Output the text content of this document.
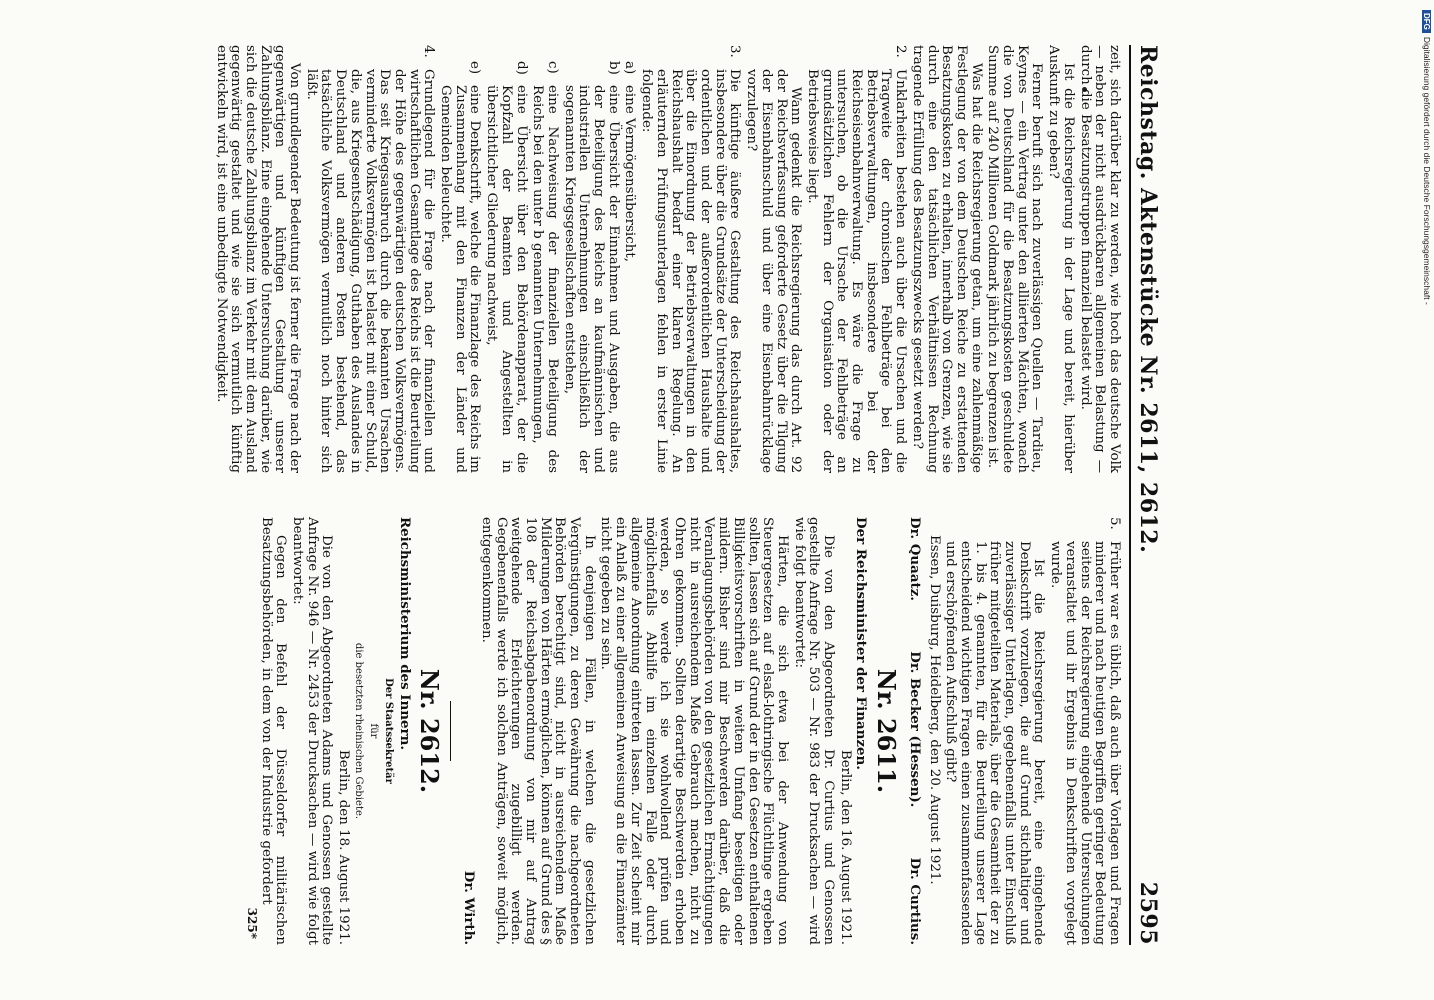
Reichstag. Aktenstücke Nr. 2611, 2612.
2595

zeit, sich darüber klar zu werden, wie hoch das deutsche Volk — neben der nicht ausdrückbaren allgemeinen Belastung — durch die Besatzungstruppen finanziell belastet wird.

Ist die Reichsregierung in der Lage und bereit, hierüber Auskunft zu geben?

Ferner beruft sich nach zuverlässigen Quellen — Tardieu, Keynes — ein Vertrag unter den alliierten Mächten, wonach die von Deutschland für die Besatzungskosten geschuldete Summe auf 240 Millionen Goldmark jährlich zu begrenzen ist.

Was hat die Reichsregierung getan, um eine zahlenmäßige Festlegung der von dem Deutschen Reiche zu erstattenden Besatzungskosten zu erhalten, innerhalb von Grenzen, wie sie durch eine den tatsächlichen Verhältnissen Rechnung tragende Erfüllung des Besatzungszwecks gesetzt werden?

2.

Unklarheiten bestehen auch über die Ursachen und die Tragweite der chronischen Fehlbeträge bei den Betriebsverwaltungen, insbesondere bei der Reichseisenbahnverwaltung. Es wäre die Frage zu untersuchen, ob die Ursache der Fehlbeträge an grundsätzlichen Fehlern der Organisation oder der Betriebsweise liegt.

Wann gedenkt die Reichsregierung das durch Art. 92 der Reichsverfassung geforderte Gesetz über die Tilgung der Eisenbahnschuld und über eine Eisenbahnrücklage vorzulegen?

3.

Die künftige äußere Gestaltung des Reichshaushaltes, insbesondere über die Grundsätze der Unterscheidung der ordentlichen und der außerordentlichen Haushalte und über die Einordnung der Betriebsverwaltungen in den Reichshaushalt bedarf einer klaren Regelung. An erläuternden Prüfungsunterlagen fehlen in erster Linie folgende:

a)

eine Vermögensübersicht,

b)

eine Übersicht der Einnahmen und Ausgaben, die aus der Beteiligung des Reichs an kaufmännischen und industriellen Unternehmungen einschließlich der sogenannten Kriegsgesellschaften entstehen,

c)

eine Nachweisung der finanziellen Beteiligung des Reichs bei den unter b genannten Unternehmungen,

d)

eine Übersicht über den Behördenapparat, der die Kopfzahl der Beamten und Angestellten in übersichtlicher Gliederung nachweist,

e)

eine Denkschrift, welche die Finanzlage des Reichs im Zusammenhang mit den Finanzen der Länder und Gemeinden beleuchtet.

4.

Grundlegend für die Frage nach der finanziellen und wirtschaftlichen Gesamtlage des Reichs ist die Beurteilung der Höhe des gegenwärtigen deutschen Volksvermögens. Das seit Kriegsausbruch durch die bekannten Ursachen verminderte Volksvermögen ist belastet mit einer Schuld, die, aus Kriegsentschädigung, Guthaben des Auslandes in Deutschland und anderen Posten bestehend, das tatsächliche Volksvermögen vermutlich noch hinter sich läßt.

Von grundlegender Bedeutung ist ferner die Frage nach der gegenwärtigen und künftigen Gestaltung unserer Zahlungsbilanz. Eine eingehende Untersuchung darüber, wie sich die deutsche Zahlungsbilanz im Verkehr mit dem Ausland gegenwärtig gestaltet und wie sie sich vermutlich künftig entwickeln wird, ist eine unbedingte Notwendigkeit.

5.

Früher war es üblich, daß auch über Vorlagen und Fragen minderer und nach heutigen Begriffen geringer Bedeutung seitens der Reichsregierung eingehende Untersuchungen veranstaltet und ihr Ergebnis in Denkschriften vorgelegt wurde.

Ist die Reichsregierung bereit, eine eingehende Denkschrift vorzulegen, die auf Grund stichhaltiger und zuverlässiger Unterlagen, gegebenenfalls unter Einschluß früher mitgeteilten Materials, über die Gesamtheit der zu 1. bis 4. genannten, für die Beurteilung unserer Lage entscheidend wichtigen Fragen einen zusammenfassenden und erschöpfenden Aufschluß gibt?

Essen, Duisburg, Heidelberg, den 20. August 1921.

Dr. Quaatz.
Dr. Becker (Hessen).
Dr. Curtius.
Nr. 2611.

Der Reichsminister der Finanzen.

Berlin, den 16. August 1921.

Die von den Abgeordneten Dr. Curtius und Genossen gestellte Anfrage Nr. 503 — Nr. 983 der Drucksachen — wird wie folgt beantwortet:

Härten, die sich etwa bei der Anwendung von Steuergesetzen auf elsaß-lothringische Flüchtlinge ergeben sollten, lassen sich auf Grund der in den Gesetzen enthaltenen Billigkeitsvorschriften in weitem Umfang beseitigen oder mildern. Bisher sind mir Beschwerden darüber, daß die Veranlagungsbehörden von den gesetzlichen Ermächtigungen nicht in ausreichendem Maße Gebrauch machen, nicht zu Ohren gekommen. Sollten derartige Beschwerden erhoben werden, so werde ich sie wohlwollend prüfen und möglichenfalls Abhilfe im einzelnen Falle oder durch allgemeine Anordnung eintreten lassen. Zur Zeit scheint mir ein Anlaß zu einer allgemeinen Anweisung an die Finanzämter nicht gegeben zu sein.

In denjenigen Fällen, in welchen die gesetzlichen Vergünstigungen, zu deren Gewährung die nachgeordneten Behörden berechtigt sind, nicht in ausreichendem Maße Milderungen von Härten ermöglichen, können auf Grund des § 108 der Reichsabgabenordnung von mir auf Antrag weitgehende Erleichterungen zugebilligt werden. Gegebenenfalls werde ich solchen Anträgen, soweit möglich, entgegenkommen.

Dr. Wirth.

Nr. 2612.

Reichsministerium des Innern.

Der Staatssekretär

für

die besetzten rheinischen Gebiete.

Berlin, den 18. August 1921.

Die von den Abgeordneten Adams und Genossen gestellte Anfrage Nr. 946 — Nr. 2453 der Drucksachen — wird wie folgt beantwortet:

Gegen den Befehl der Düsseldorfer militärischen Besatzungsbehörden, in dem von der Industrie gefordert

325*
DFGDigitalisierung gefördert durch die Deutsche Forschungsgemeinschaft -
